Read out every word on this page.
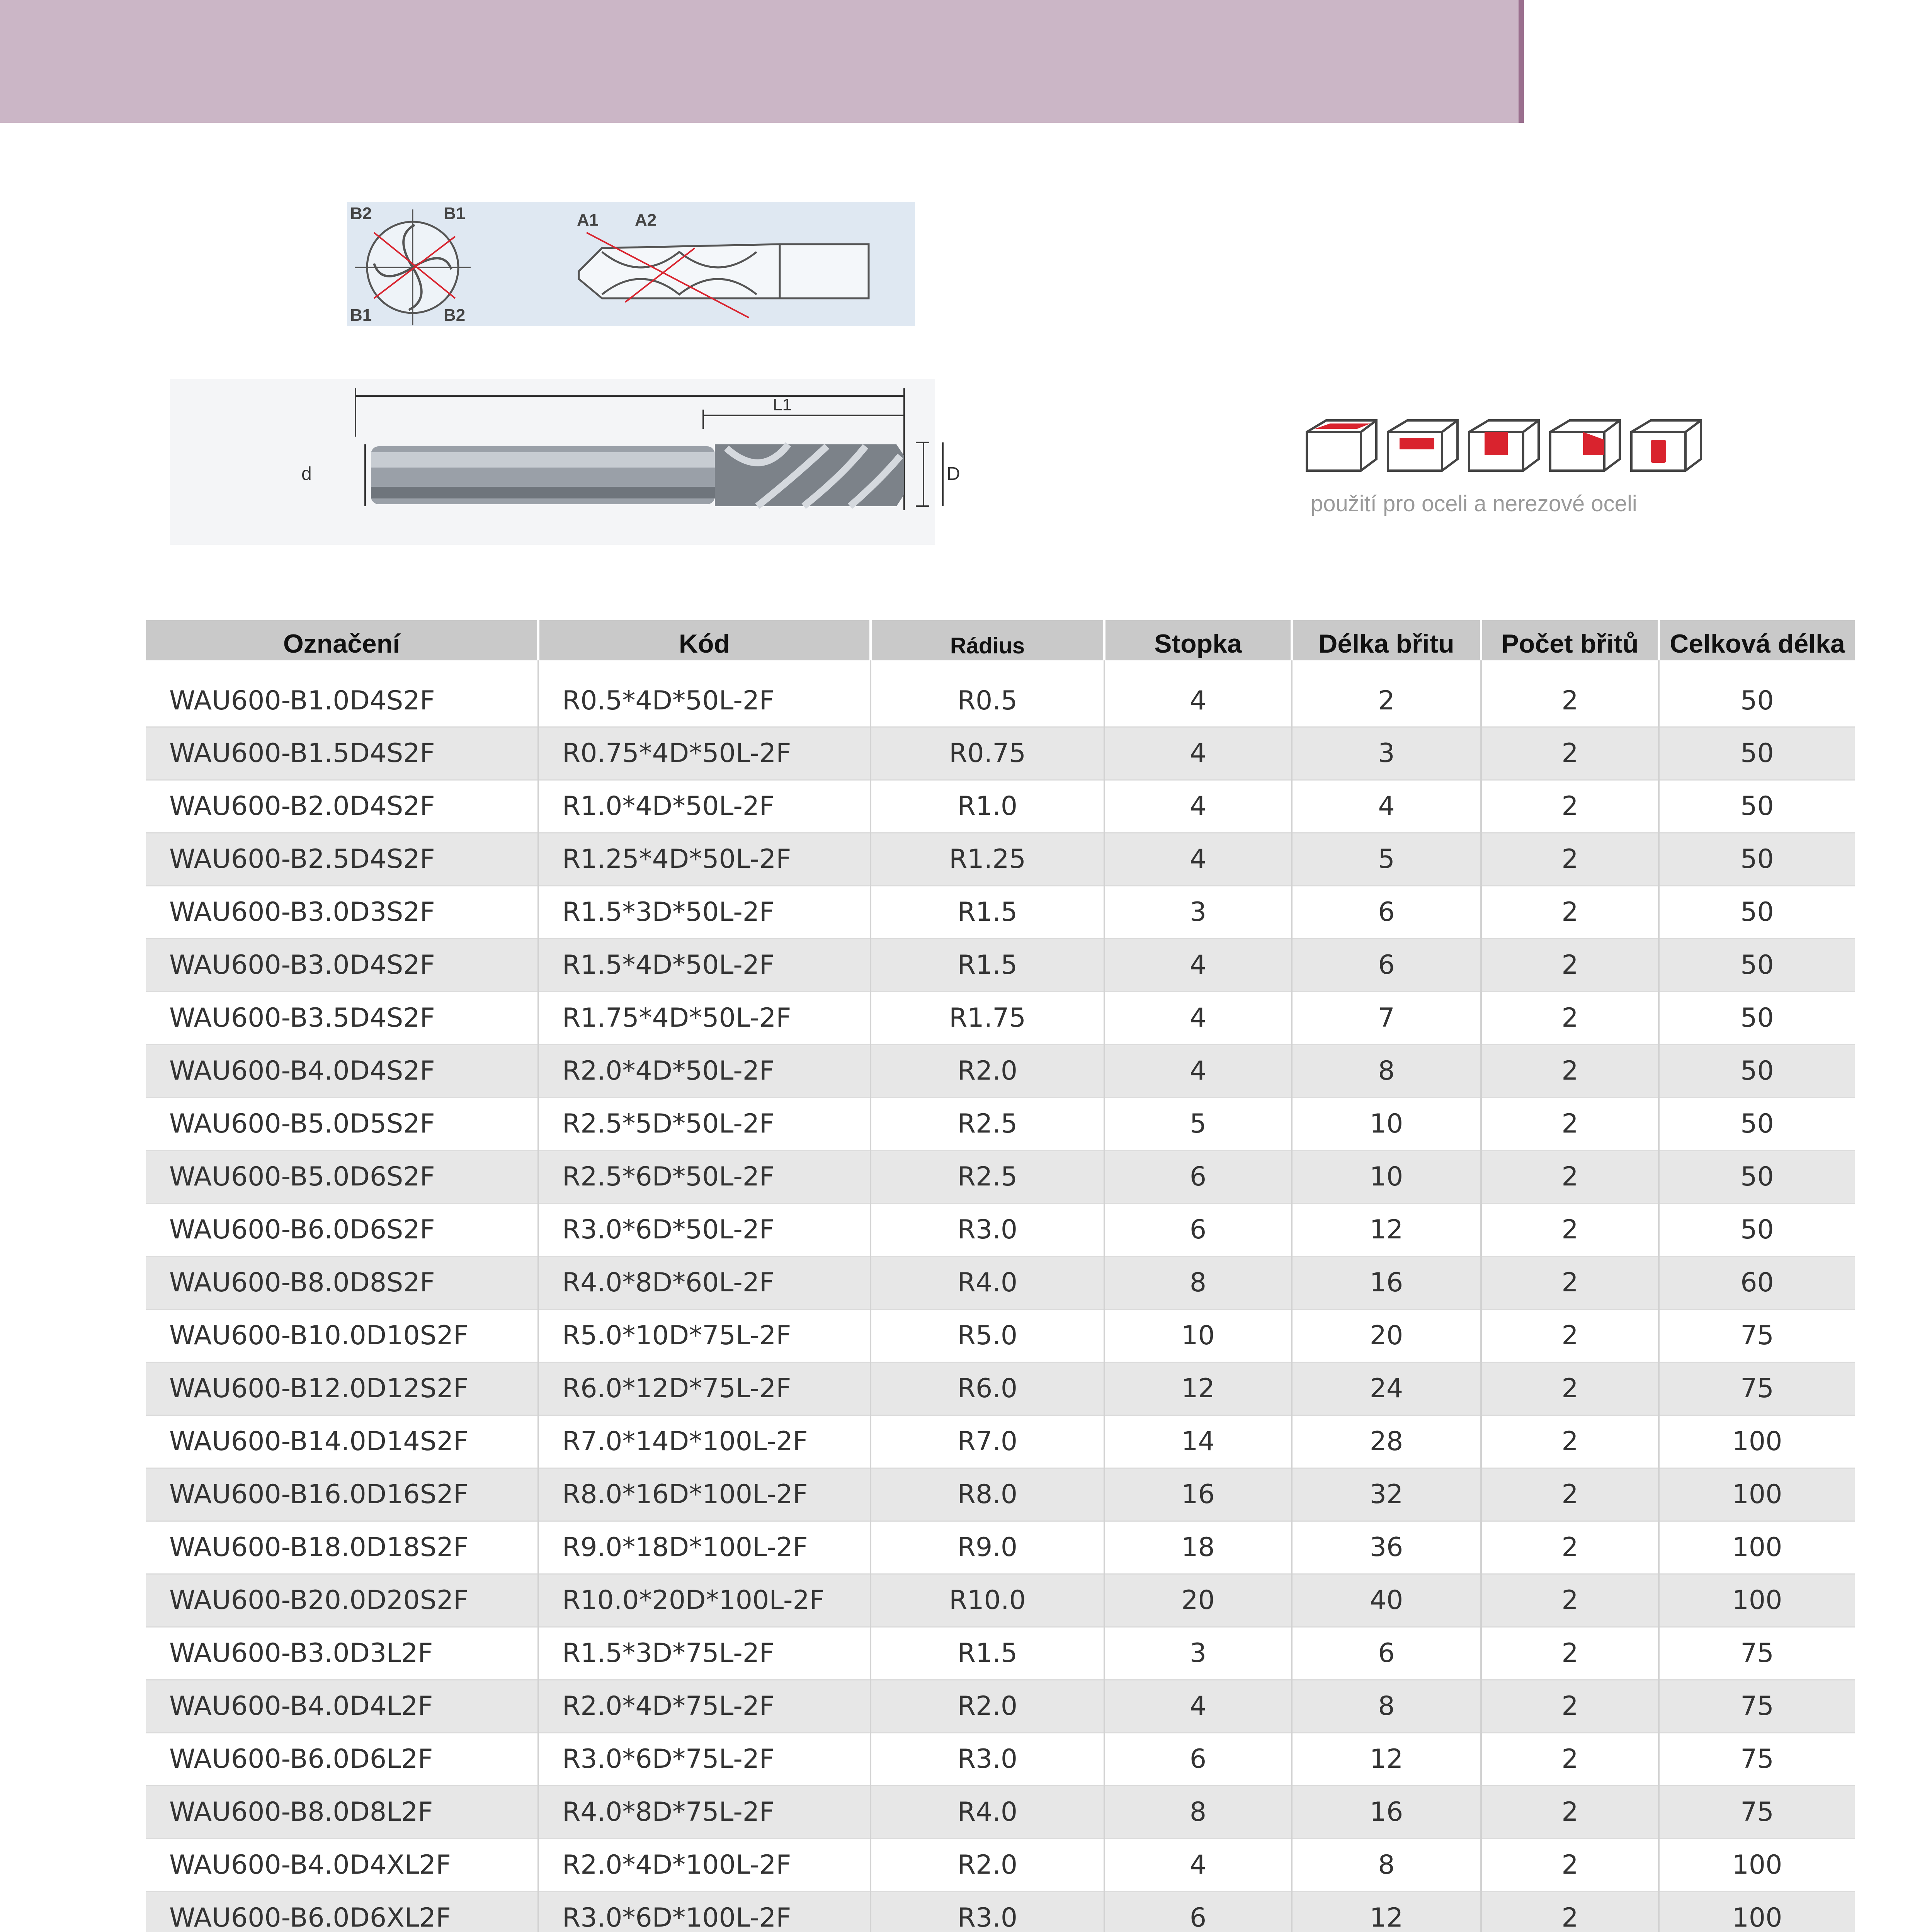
B2	B1
B1	B2
A1 A2
L1
d	D
použití pro oceli a nerezové oceli
Označení	Kód	Rádius	Stopka	Délka břitu	Počet břitů	Celková délka
WAU600-B1.0D4S2F	R0.5*4D*50L-2F	R0.5	4	2	2	50
WAU600-B1.5D4S2F	R0.75*4D*50L-2F	R0.75	4	3	2	50
WAU600-B2.0D4S2F	R1.0*4D*50L-2F	R1.0	4	4	2	50
WAU600-B2.5D4S2F	R1.25*4D*50L-2F	R1.25	4	5	2	50
WAU600-B3.0D3S2F	R1.5*3D*50L-2F	R1.5	3	6	2	50
WAU600-B3.0D4S2F	R1.5*4D*50L-2F	R1.5	4	6	2	50
WAU600-B3.5D4S2F	R1.75*4D*50L-2F	R1.75	4	7	2	50
WAU600-B4.0D4S2F	R2.0*4D*50L-2F	R2.0	4	8	2	50
WAU600-B5.0D5S2F	R2.5*5D*50L-2F	R2.5	5	10	2	50
WAU600-B5.0D6S2F	R2.5*6D*50L-2F	R2.5	6	10	2	50
WAU600-B6.0D6S2F	R3.0*6D*50L-2F	R3.0	6	12	2	50
WAU600-B8.0D8S2F	R4.0*8D*60L-2F	R4.0	8	16	2	60
WAU600-B10.0D10S2F	R5.0*10D*75L-2F	R5.0	10	20	2	75
WAU600-B12.0D12S2F	R6.0*12D*75L-2F	R6.0	12	24	2	75
WAU600-B14.0D14S2F	R7.0*14D*100L-2F	R7.0	14	28	2	100
WAU600-B16.0D16S2F	R8.0*16D*100L-2F	R8.0	16	32	2	100
WAU600-B18.0D18S2F	R9.0*18D*100L-2F	R9.0	18	36	2	100
WAU600-B20.0D20S2F	R10.0*20D*100L-2F	R10.0	20	40	2	100
WAU600-B3.0D3L2F	R1.5*3D*75L-2F	R1.5	3	6	2	75
WAU600-B4.0D4L2F	R2.0*4D*75L-2F	R2.0	4	8	2	75
WAU600-B6.0D6L2F	R3.0*6D*75L-2F	R3.0	6	12	2	75
WAU600-B8.0D8L2F	R4.0*8D*75L-2F	R4.0	8	16	2	75
WAU600-B4.0D4XL2F	R2.0*4D*100L-2F	R2.0	4	8	2	100
WAU600-B6.0D6XL2F	R3.0*6D*100L-2F	R3.0	6	12	2	100
